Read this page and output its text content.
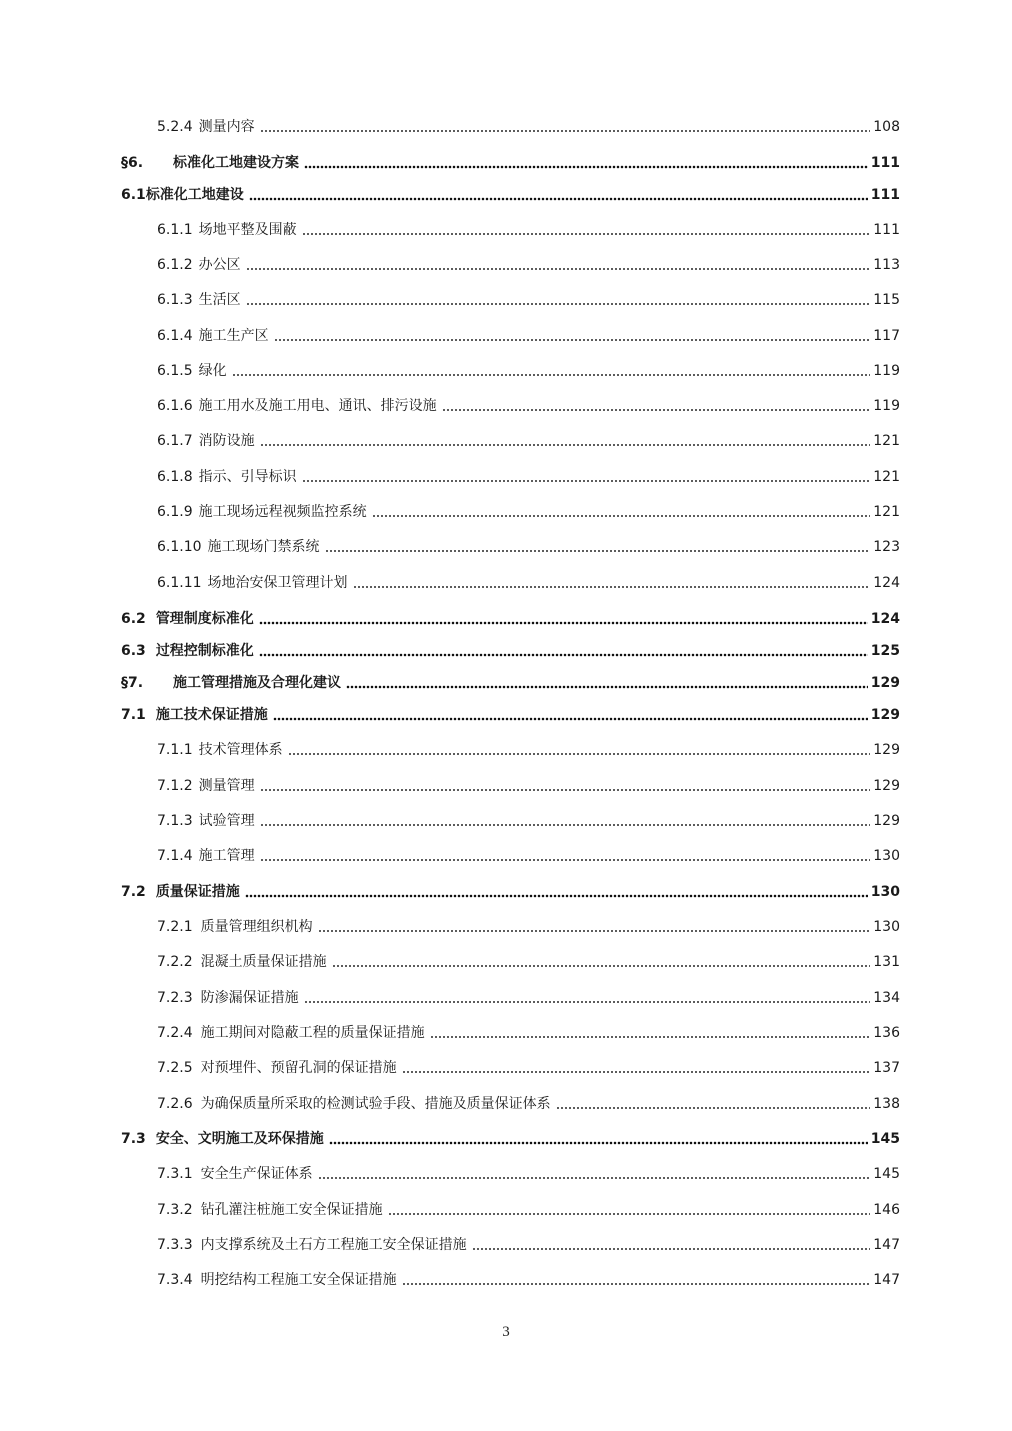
5.2.4 测量内容	108
§6.	标准化工地建设方案	111
6.1 标准化工地建设	111
6.1.1 场地平整及围蔽	111
6.1.2 办公区	113
6.1.3 生活区	115
6.1.4 施工生产区	117
6.1.5 绿化	119
6.1.6 施工用水及施工用电、通讯、排污设施	119
6.1.7 消防设施	121
6.1.8 指示、引导标识	121
6.1.9 施工现场远程视频监控系统	121
6.1.10 施工现场门禁系统	123
6.1.11 场地治安保卫管理计划	124
6.2 管理制度标准化	124
6.3 过程控制标准化	125
§7.	施工管理措施及合理化建议	129
7.1 施工技术保证措施	129
7.1.1 技术管理体系	129
7.1.2 测量管理	129
7.1.3 试验管理	129
7.1.4 施工管理	130
7.2 质量保证措施	130
7.2.1 质量管理组织机构	130
7.2.2 混凝土质量保证措施	131
7.2.3 防渗漏保证措施	134
7.2.4 施工期间对隐蔽工程的质量保证措施	136
7.2.5 对预埋件、预留孔洞的保证措施	137
7.2.6 为确保质量所采取的检测试验手段、措施及质量保证体系	138
7.3 安全、文明施工及环保措施	145
7.3.1 安全生产保证体系	145
7.3.2 钻孔灌注桩施工安全保证措施	146
7.3.3 内支撑系统及土石方工程施工安全保证措施	147
7.3.4 明挖结构工程施工安全保证措施	147
3
